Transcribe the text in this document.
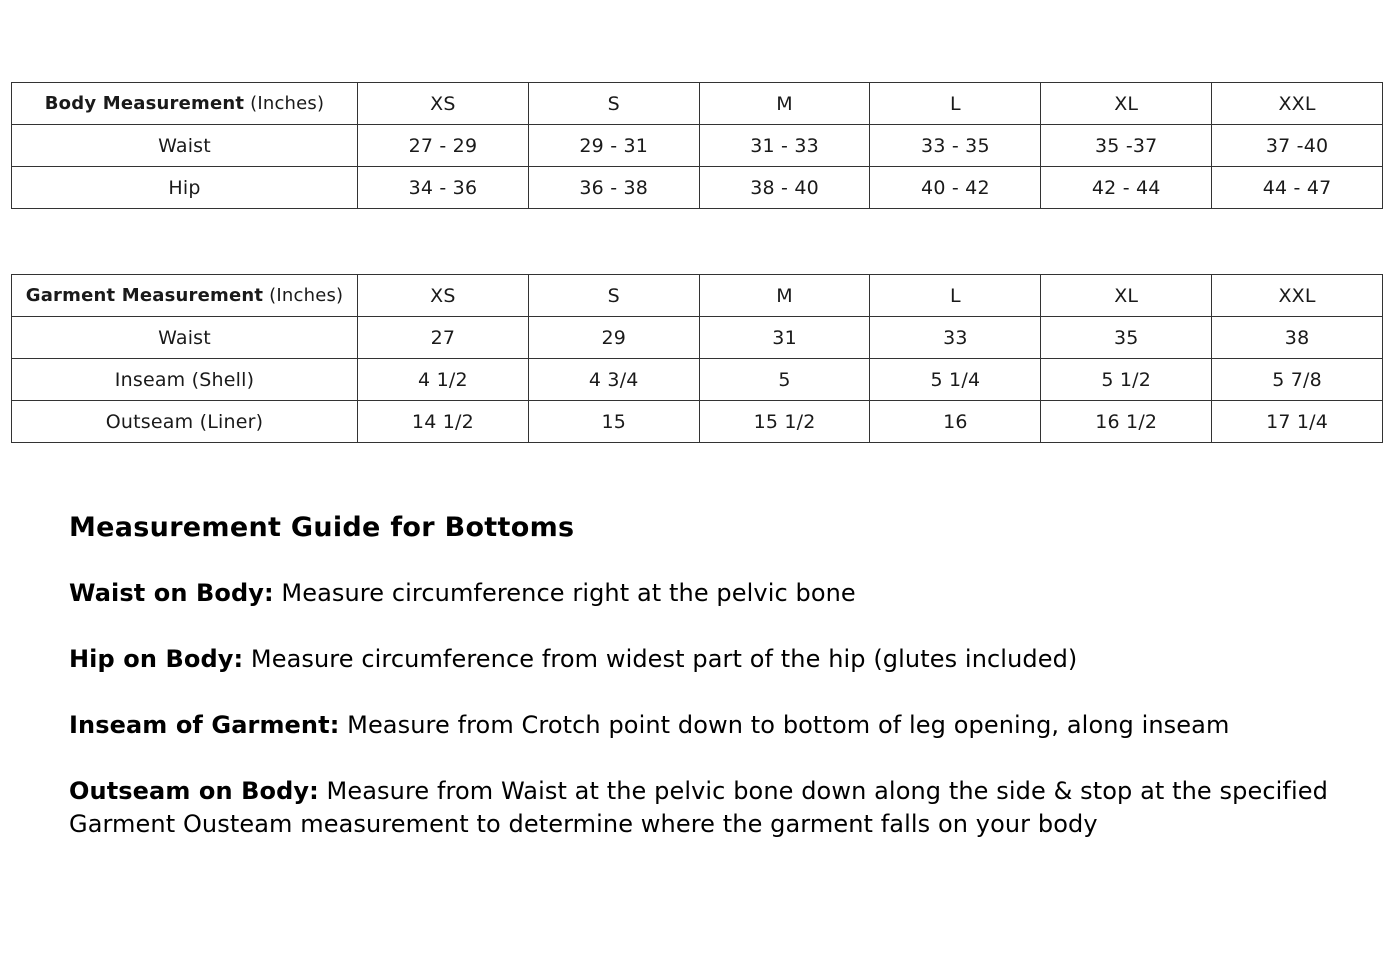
Body Measurement (Inches)	XS	S	M	L	XL	XXL
Waist	27 - 29	29 - 31	31 - 33	33 - 35	35 -37	37 -40
Hip	34 - 36	36 - 38	38 - 40	40 - 42	42 - 44	44 - 47
Garment Measurement (Inches)	XS	S	M	L	XL	XXL
Waist	27	29	31	33	35	38
Inseam (Shell)	4 1/2	4 3/4	5	5 1/4	5 1/2	5 7/8
Outseam (Liner)	14 1/2	15	15 1/2	16	16 1/2	17 1/4
Measurement Guide for Bottoms
Waist on Body: Measure circumference right at the pelvic bone
Hip on Body: Measure circumference from widest part of the hip (glutes included)
Inseam of Garment: Measure from Crotch point down to bottom of leg opening, along inseam
Outseam on Body: Measure from Waist at the pelvic bone down along the side & stop at the specified Garment Ousteam measurement to determine where the garment falls on your body
